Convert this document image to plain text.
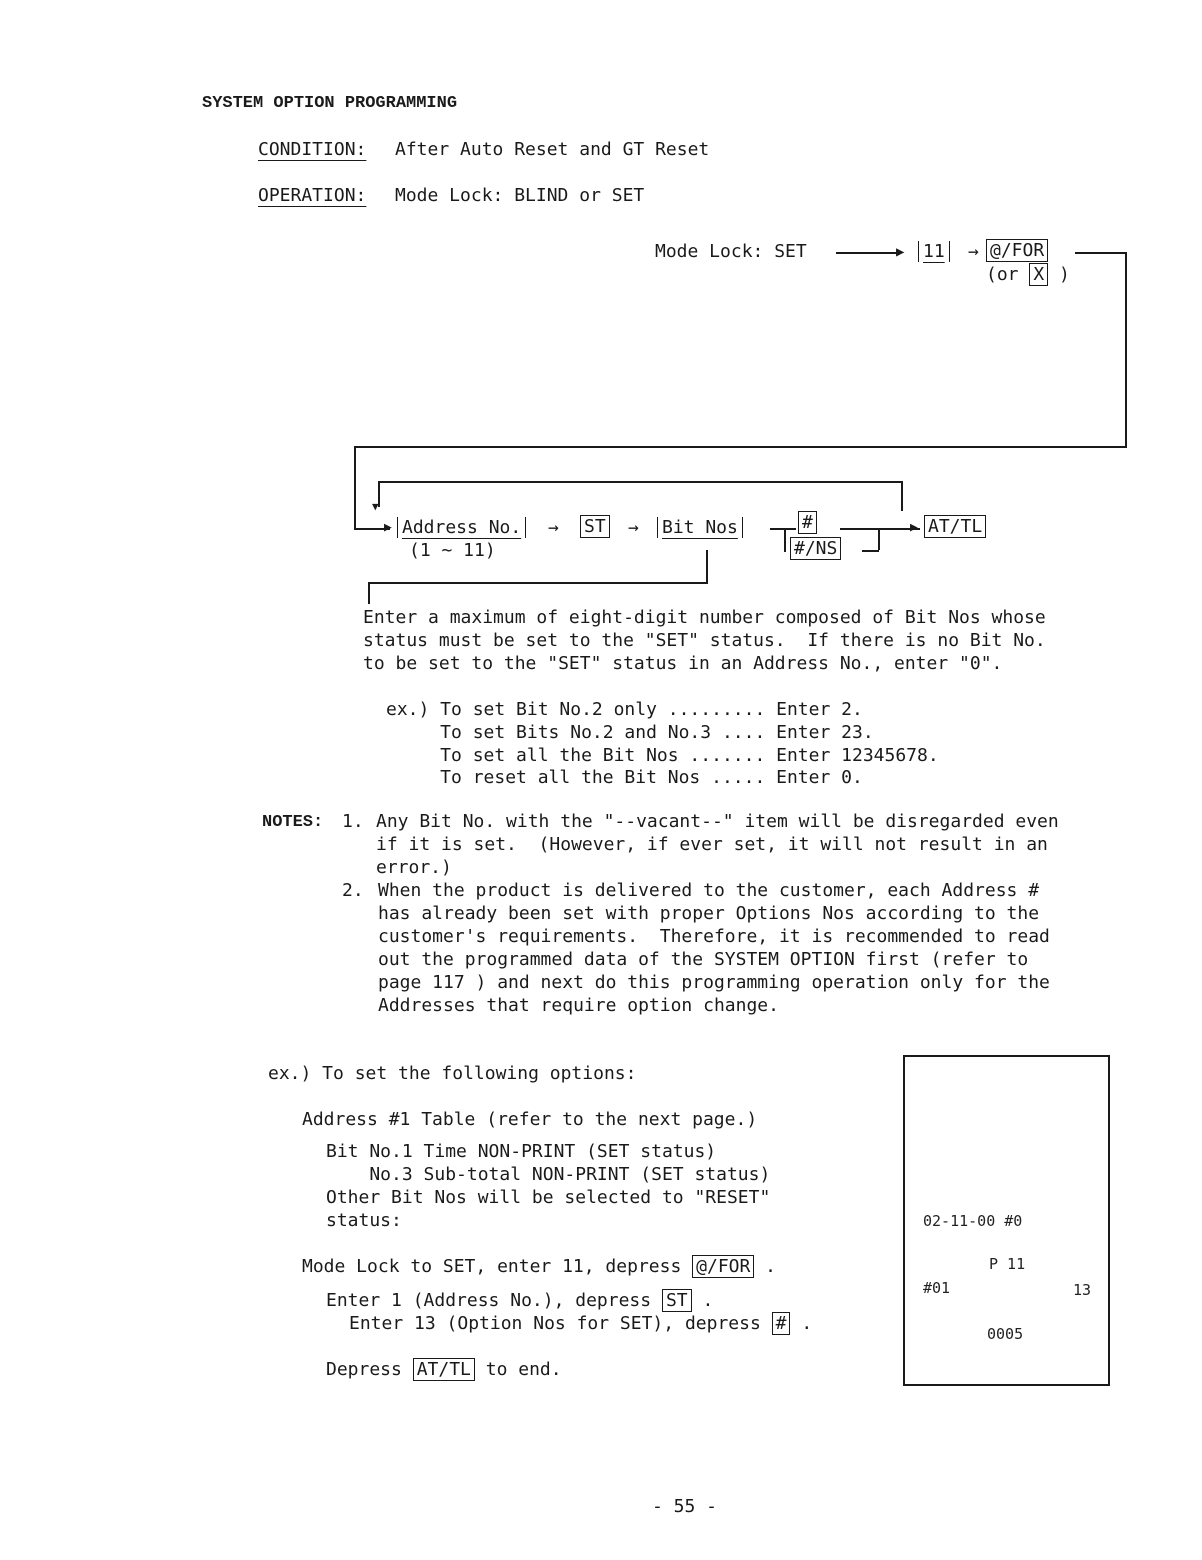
SYSTEM OPTION PROGRAMMING
CONDITION: After Auto Reset and GT Reset
OPERATION: Mode Lock: BLIND or SET
Mode Lock: SET	▶ 11 → @/FOR
(or X )
▶
▼
Address No.
(1 ~ 11)
→ ST → Bit Nos	#
#/NS
▶ AT/TL
Enter a maximum of eight-digit number composed of Bit Nos whose
status must be set to the "SET" status.  If there is no Bit No.
to be set to the "SET" status in an Address No., enter "0".
ex.) To set Bit No.2 only ......... Enter 2.
To set Bits No.2 and No.3 .... Enter 23.
To set all the Bit Nos ....... Enter 12345678.
To reset all the Bit Nos ..... Enter 0.
NOTES: 1. Any Bit No. with the "--vacant--" item will be disregarded even
if it is set.  (However, if ever set, it will not result in an
error.)
2. When the product is delivered to the customer, each Address #
has already been set with proper Options Nos according to the
customer's requirements.  Therefore, it is recommended to read
out the programmed data of the SYSTEM OPTION first (refer to
page 117 ) and next do this programming operation only for the
Addresses that require option change.
ex.) To set the following options:
Address #1 Table (refer to the next page.)
Bit No.1 Time NON-PRINT (SET status)
No.3 Sub-total NON-PRINT (SET status)
Other Bit Nos will be selected to "RESET"
status:
Mode Lock to SET, enter 11, depress @/FOR .
Enter 1 (Address No.), depress ST .
Enter 13 (Option Nos for SET), depress # .
Depress AT/TL to end.
02-11-00 #0
P 11
#01	13
0005
- 55 -
